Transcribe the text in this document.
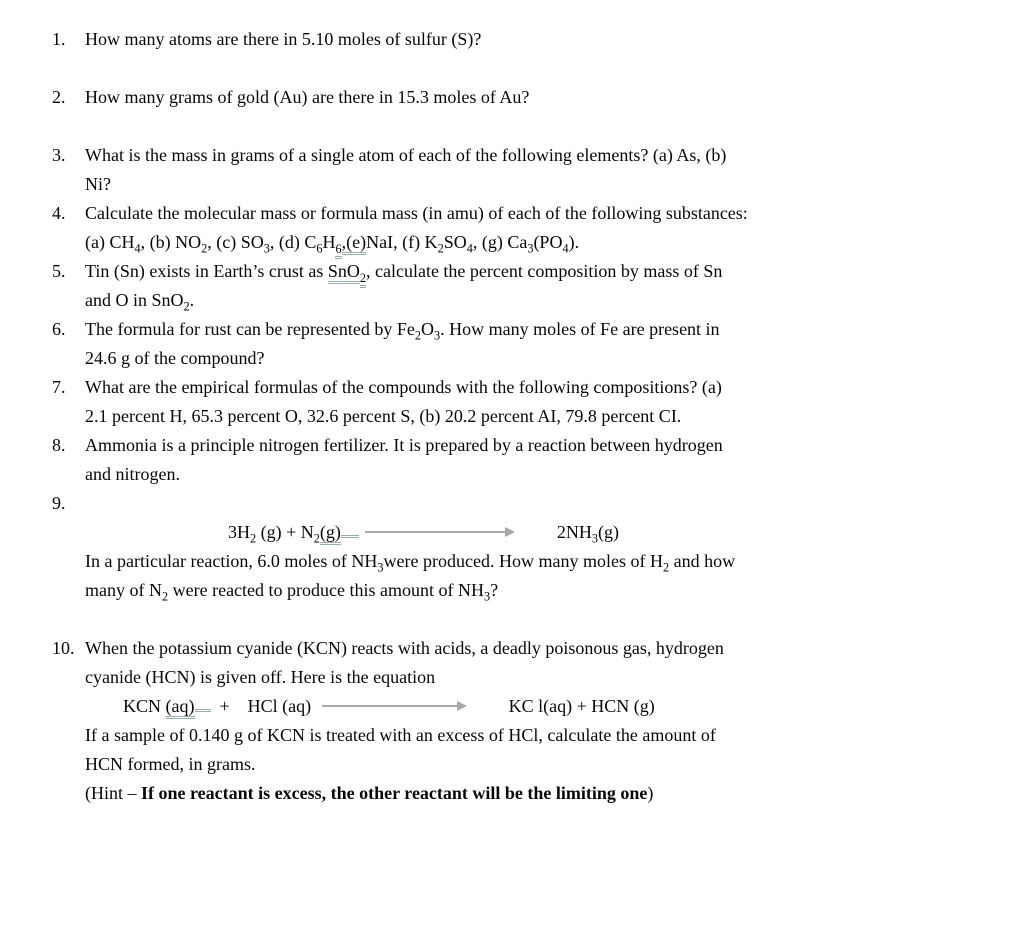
1.	How many atoms are there in 5.10 moles of sulfur (S)?
2.	How many grams of gold (Au) are there in 15.3 moles of Au?
3.	What is the mass in grams of a single atom of each of the following elements? (a) As, (b)
Ni?
4.	Calculate the molecular mass or formula mass (in amu) of each of the following substances:
(a) $CH_4$, (b) $NO_2$, (c) $SO_3$, (d) $C_6H_6,(e)NaI$, (f) $K_2SO_4$, (g) $Ca_3(PO_4)$.
5.	Tin (Sn) exists in Earth’s crust as SnO$_2$, calculate the percent composition by mass of Sn
and O in SnO$_2$.
6.	The formula for rust can be represented by $Fe_2O_3$. How many moles of Fe are present in
24.6 g of the compound?
7.	What are the empirical formulas of the compounds with the following compositions? (a)
2.1 percent H, 65.3 percent O, 32.6 percent S, (b) 20.2 percent AI, 79.8 percent CI.
8.	Ammonia is a principle nitrogen fertilizer. It is prepared by a reaction between hydrogen
and nitrogen.
9.
$3H_2$ $(g) + N_2(g)$	$2NH_3(g)$
In a particular reaction, 6.0 moles of $NH_3were$ produced. How many moles of $H_2$ and how
many of $N_2$ were reacted to produce this amount of $NH_3$?
10. When the potassium cyanide (KCN) reacts with acids, a deadly poisonous gas, hydrogen
cyanide (HCN) is given off. Here is the equation
KCN (aq)  +    HCl (aq)	KC l(aq) + HCN (g)
If a sample of 0.140 g of KCN is treated with an excess of HCl, calculate the amount of
HCN formed, in grams.
(Hint – If one reactant is excess, the other reactant will be the limiting one)
